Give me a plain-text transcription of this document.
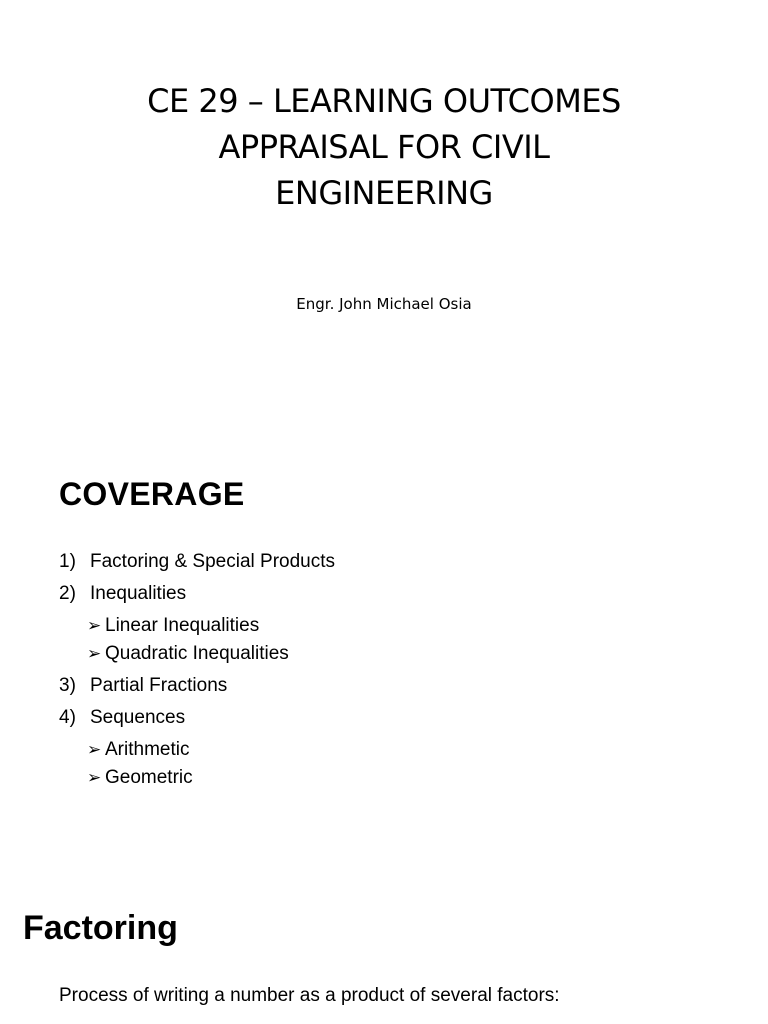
CE 29 – LEARNING OUTCOMES
APPRAISAL FOR CIVIL
ENGINEERING
Engr. John Michael Osia
COVERAGE
1) Factoring & Special Products
2) Inequalities
➢ Linear Inequalities
➢ Quadratic Inequalities
3) Partial Fractions
4) Sequences
➢ Arithmetic
➢ Geometric
Factoring
Process of writing a number as a product of several factors:
